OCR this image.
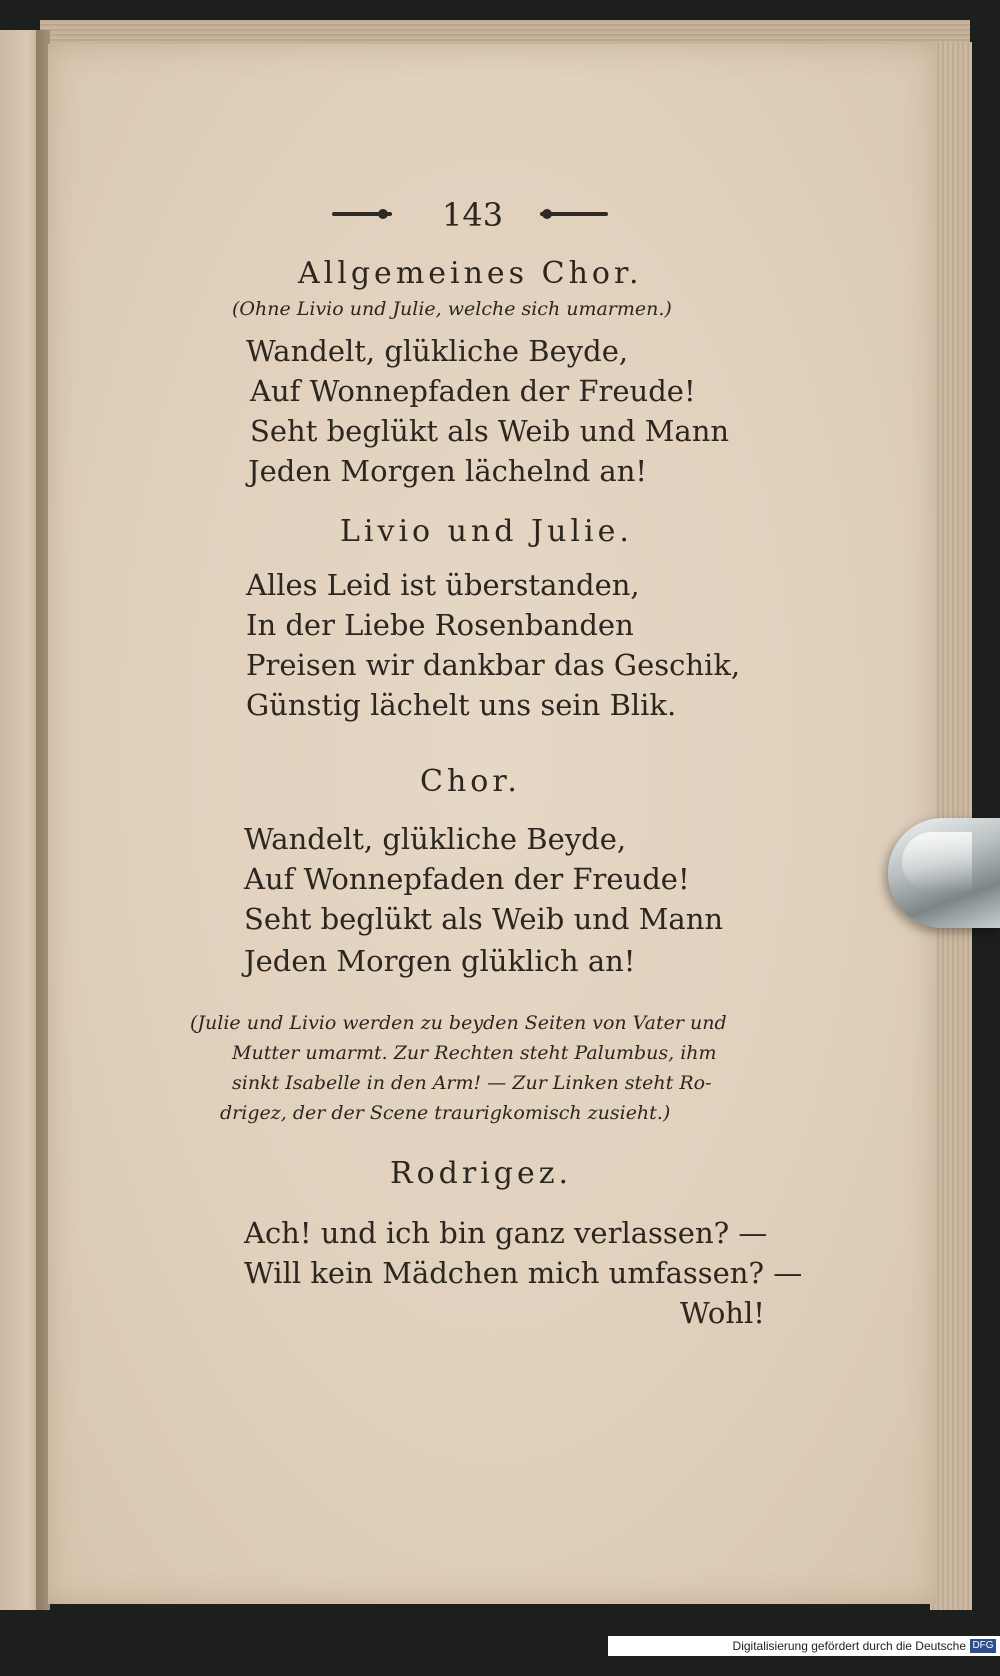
143
Allgemeines Chor.
(Ohne Livio und Julie, welche sich umarmen.)
Wandelt, glükliche Beyde,
Auf Wonnepfaden der Freude!
Seht beglükt als Weib und Mann
Jeden Morgen lächelnd an!
Livio und Julie.
Alles Leid ist überstanden,
In der Liebe Rosenbanden
Preisen wir dankbar das Geschik,
Günstig lächelt uns sein Blik.
Chor.
Wandelt, glükliche Beyde,
Auf Wonnepfaden der Freude!
Seht beglükt als Weib und Mann
Jeden Morgen glüklich an!
(Julie und Livio werden zu beyden Seiten von Vater und
Mutter umarmt. Zur Rechten steht Palumbus, ihm
sinkt Isabelle in den Arm! — Zur Linken steht Ro-
drigez, der der Scene traurigkomisch zusieht.)
Rodrigez.
Ach! und ich bin ganz verlassen? —
Will kein Mädchen mich umfassen? —
Wohl!
Digitalisierung gefördert durch die Deutsche Forschungsgemeinschaft -
DFG
